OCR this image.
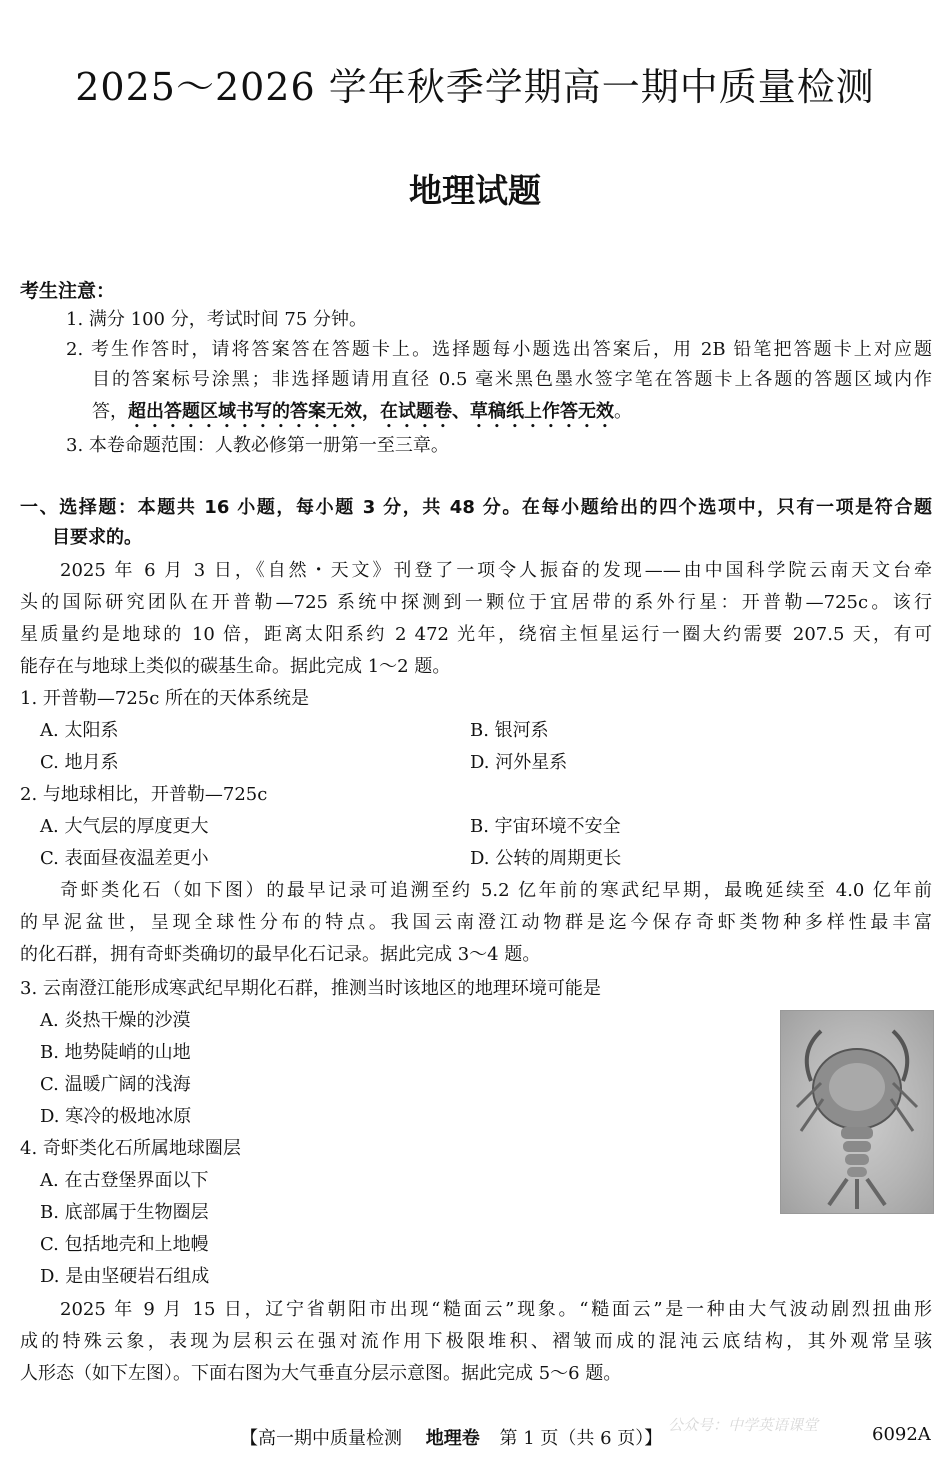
2025～2026 学年秋季学期高一期中质量检测
地理试题
考生注意：
1. 满分 100 分，考试时间 75 分钟。
2. 考生作答时，请将答案答在答题卡上。选择题每小题选出答案后，用 2B 铅笔把答题卡上对应题
目的答案标号涂黑；非选择题请用直径 0.5 毫米黑色墨水签字笔在答题卡上各题的答题区域内作
答，超出答题区域书写的答案无效，在试题卷、草稿纸上作答无效。
3. 本卷命题范围：人教必修第一册第一至三章。
一、选择题：本题共 16 小题，每小题 3 分，共 48 分。在每小题给出的四个选项中，只有一项是符合题
目要求的。
2025 年 6 月 3 日，《自然・天文》刊登了一项令人振奋的发现——由中国科学院云南天文台牵
头的国际研究团队在开普勒—725 系统中探测到一颗位于宜居带的系外行星：开普勒—725c。该行
星质量约是地球的 10 倍，距离太阳系约 2 472 光年，绕宿主恒星运行一圈大约需要 207.5 天，有可
能存在与地球上类似的碳基生命。据此完成 1～2 题。
1. 开普勒—725c 所在的天体系统是
A. 太阳系	B. 银河系
C. 地月系	D. 河外星系
2. 与地球相比，开普勒—725c
A. 大气层的厚度更大	B. 宇宙环境不安全
C. 表面昼夜温差更小	D. 公转的周期更长
奇虾类化石（如下图）的最早记录可追溯至约 5.2 亿年前的寒武纪早期，最晚延续至 4.0 亿年前
的早泥盆世，呈现全球性分布的特点。我国云南澄江动物群是迄今保存奇虾类物种多样性最丰富
的化石群，拥有奇虾类确切的最早化石记录。据此完成 3～4 题。
3. 云南澄江能形成寒武纪早期化石群，推测当时该地区的地理环境可能是
A. 炎热干燥的沙漠
B. 地势陡峭的山地
C. 温暖广阔的浅海
D. 寒冷的极地冰原
4. 奇虾类化石所属地球圈层
A. 在古登堡界面以下
B. 底部属于生物圈层
C. 包括地壳和上地幔
D. 是由坚硬岩石组成
2025 年 9 月 15 日，辽宁省朝阳市出现“糙面云”现象。“糙面云”是一种由大气波动剧烈扭曲形
成的特殊云象，表现为层积云在强对流作用下极限堆积、褶皱而成的混沌云底结构，其外观常呈骇
人形态（如下左图）。下面右图为大气垂直分层示意图。据此完成 5～6 题。
公众号：中学英语课堂
【高一期中质量检测 地理卷 第 1 页（共 6 页）】	6092A
